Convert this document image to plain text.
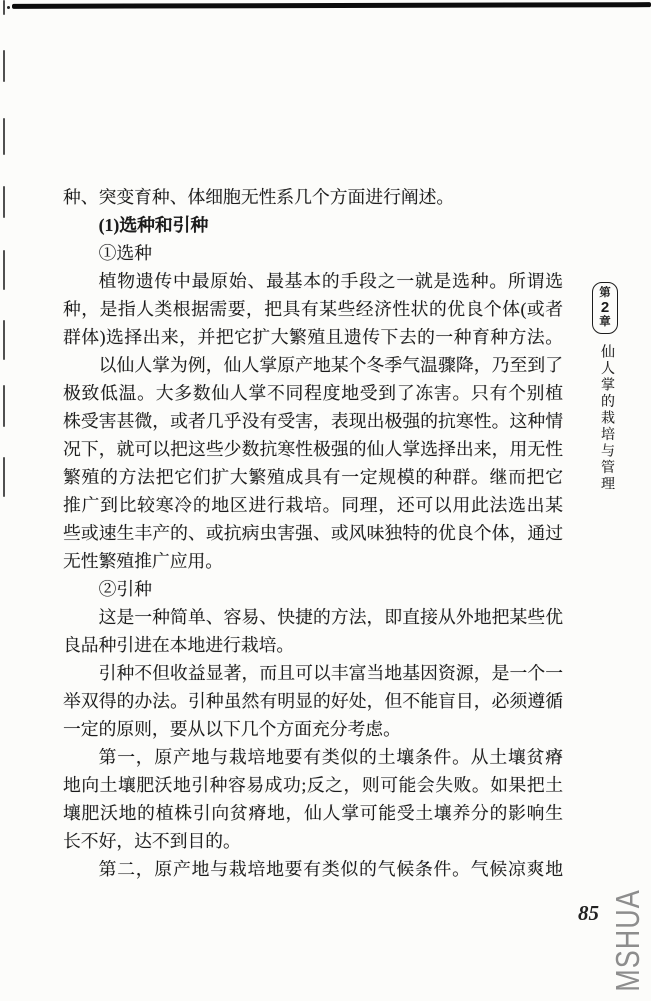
种、突变育种、体细胞无性系几个方面进行阐述。
(1)选种和引种
①选种
植物遗传中最原始、最基本的手段之一就是选种。所谓选
种，是指人类根据需要，把具有某些经济性状的优良个体(或者
群体)选择出来，并把它扩大繁殖且遗传下去的一种育种方法。
以仙人掌为例，仙人掌原产地某个冬季气温骤降，乃至到了
极致低温。大多数仙人掌不同程度地受到了冻害。只有个别植
株受害甚微，或者几乎没有受害，表现出极强的抗寒性。这种情
况下，就可以把这些少数抗寒性极强的仙人掌选择出来，用无性
繁殖的方法把它们扩大繁殖成具有一定规模的种群。继而把它
推广到比较寒冷的地区进行栽培。同理，还可以用此法选出某
些或速生丰产的、或抗病虫害强、或风味独特的优良个体，通过
无性繁殖推广应用。
②引种
这是一种简单、容易、快捷的方法，即直接从外地把某些优
良品种引进在本地进行栽培。
引种不但收益显著，而且可以丰富当地基因资源，是一个一
举双得的办法。引种虽然有明显的好处，但不能盲目，必须遵循
一定的原则，要从以下几个方面充分考虑。
第一，原产地与栽培地要有类似的土壤条件。从土壤贫瘠
地向土壤肥沃地引种容易成功;反之，则可能会失败。如果把土
壤肥沃地的植株引向贫瘠地，仙人掌可能受土壤养分的影响生
长不好，达不到目的。
第二，原产地与栽培地要有类似的气候条件。气候凉爽地
第
2
章
仙人掌的栽培与管理
85 MSHUA
